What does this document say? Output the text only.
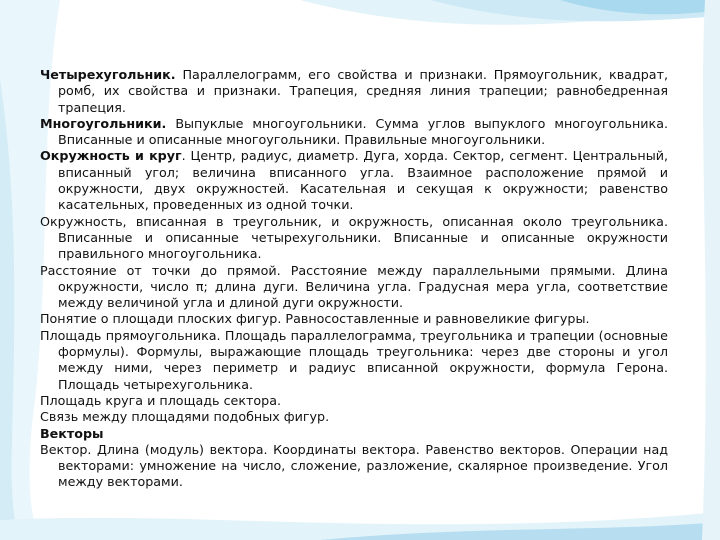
Четырехугольник. Параллелограмм, его свойства и признаки. Прямоугольник, квадрат, ромб, их свойства и признаки. Трапеция, средняя линия трапеции; равнобедренная трапеция.

Многоугольники. Выпуклые многоугольники. Сумма углов выпуклого многоугольника. Вписанные и описанные многоугольники. Правильные многоугольники.

Окружность и круг. Центр, радиус, диаметр. Дуга, хорда. Сектор, сегмент. Центральный, вписанный угол; величина вписанного угла. Взаимное расположение прямой и окружности, двух окружностей. Касательная и секущая к окружности; равенство касательных, проведенных из одной точки.

Окружность, вписанная в треугольник, и окружность, описанная около треугольника. Вписанные и описанные четырехугольники. Вписанные и описанные окружности правильного многоугольника.

Расстояние от точки до прямой. Расстояние между параллельными прямыми. Длина окружности, число π; длина дуги. Величина угла. Градусная мера угла, соответствие между величиной угла и длиной дуги окружности.

Понятие о площади плоских фигур. Равносоставленные и равновеликие фигуры.

Площадь прямоугольника. Площадь параллелограмма, треугольника и трапеции (основные формулы). Формулы, выражающие площадь треугольника: через две стороны и угол между ними, через периметр и радиус вписанной окружности, формула Герона. Площадь четырехугольника.

Площадь круга и площадь сектора.

Связь между площадями подобных фигур.

Векторы

Вектор. Длина (модуль) вектора. Координаты вектора. Равенство векторов. Операции над векторами: умножение на число, сложение, разложение, скалярное произведение. Угол между векторами.
